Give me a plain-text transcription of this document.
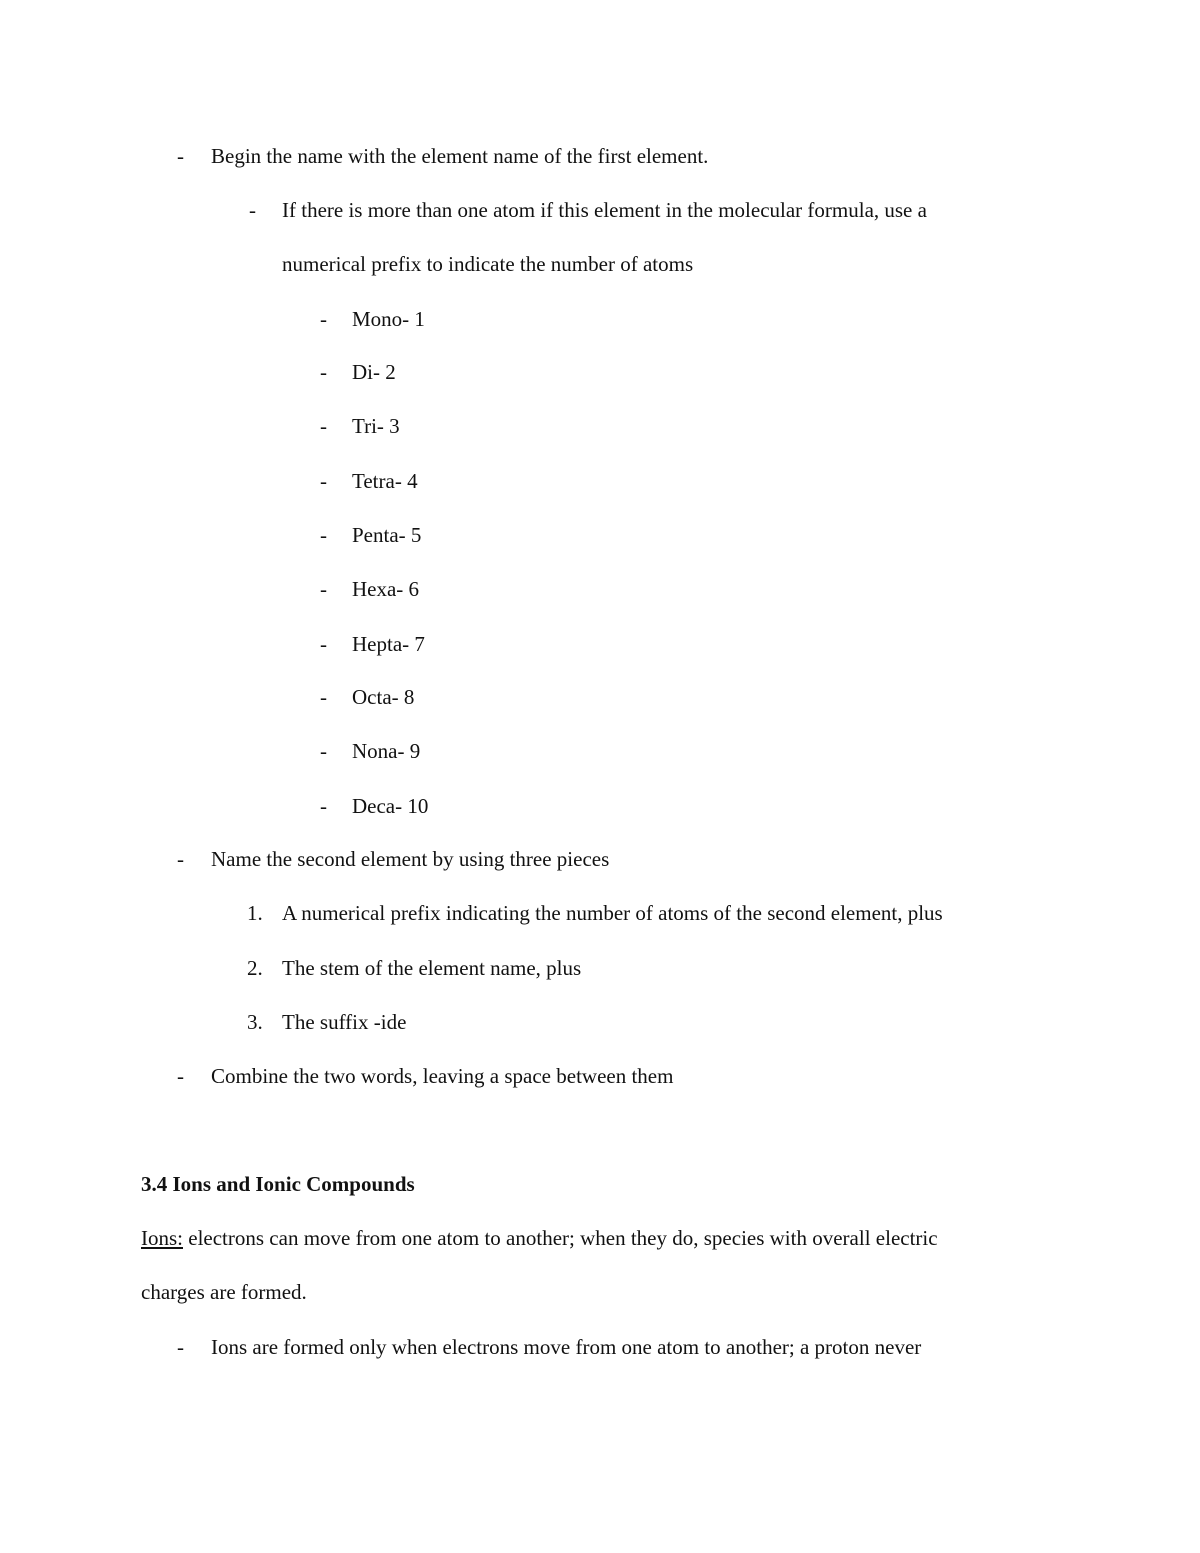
- Begin the name with the element name of the first element.
- If there is more than one atom if this element in the molecular formula, use a
numerical prefix to indicate the number of atoms
- Mono- 1
- Di- 2
- Tri- 3
- Tetra- 4
- Penta- 5
- Hexa- 6
- Hepta- 7
- Octa- 8
- Nona- 9
- Deca- 10
- Name the second element by using three pieces
1. A numerical prefix indicating the number of atoms of the second element, plus
2. The stem of the element name, plus
3. The suffix -ide
- Combine the two words, leaving a space between them
3.4 Ions and Ionic Compounds
Ions: electrons can move from one atom to another; when they do, species with overall electric
charges are formed.
- Ions are formed only when electrons move from one atom to another; a proton never
